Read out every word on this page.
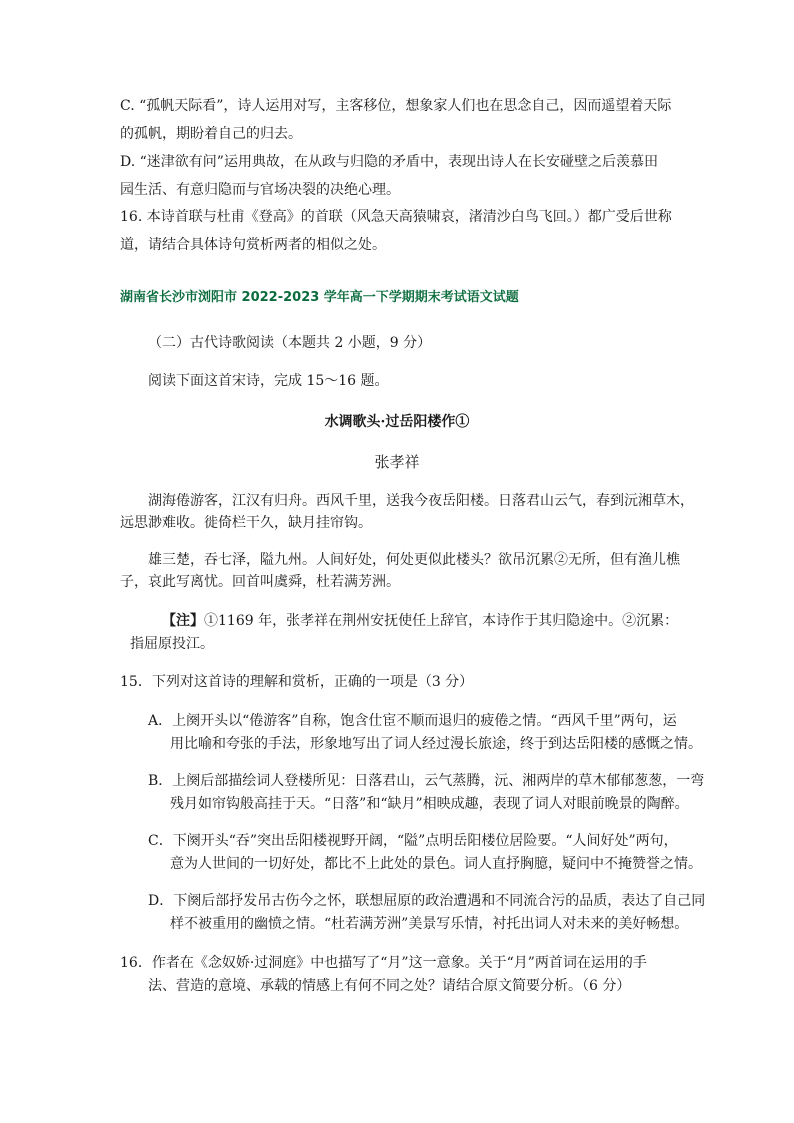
C. “孤帆天际看”，诗人运用对写，主客移位，想象家人们也在思念自己，因而遥望着天际
的孤帆，期盼着自己的归去。
D. “迷津欲有问”运用典故，在从政与归隐的矛盾中，表现出诗人在长安碰壁之后羡慕田
园生活、有意归隐而与官场决裂的决绝心理。
16. 本诗首联与杜甫《登高》的首联（风急天高猿啸哀，渚清沙白鸟飞回。）都广受后世称
道，请结合具体诗句赏析两者的相似之处。
湖南省长沙市浏阳市 2022-2023 学年高一下学期期末考试语文试题
（二）古代诗歌阅读（本题共 2 小题，9 分）
阅读下面这首宋诗，完成 15～16 题。
水调歌头·过岳阳楼作①
张孝祥
湖海倦游客，江汉有归舟。西风千里，送我今夜岳阳楼。日落君山云气，春到沅湘草木，
远思渺难收。徙倚栏干久，缺月挂帘钩。
雄三楚，吞七泽，隘九州。人间好处，何处更似此楼头？欲吊沉累②无所，但有渔儿樵
子，哀此写离忧。回首叫虞舜，杜若满芳洲。
【注】①1169 年，张孝祥在荆州安抚使任上辞官，本诗作于其归隐途中。②沉累：
指屈原投江。
15．下列对这首诗的理解和赏析，正确的一项是（3 分）
A．上阕开头以“倦游客”自称，饱含仕宦不顺而退归的疲倦之情。“西风千里”两句，运
用比喻和夸张的手法，形象地写出了词人经过漫长旅途，终于到达岳阳楼的感慨之情。
B．上阕后部描绘词人登楼所见：日落君山，云气蒸腾，沅、湘两岸的草木郁郁葱葱，一弯
残月如帘钩般高挂于天。“日落”和“缺月”相映成趣，表现了词人对眼前晚景的陶醉。
C．下阕开头“吞”突出岳阳楼视野开阔，“隘”点明岳阳楼位居险要。“人间好处”两句，
意为人世间的一切好处，都比不上此处的景色。词人直抒胸臆，疑问中不掩赞誉之情。
D．下阕后部抒发吊古伤今之怀，联想屈原的政治遭遇和不同流合污的品质，表达了自己同
样不被重用的幽愤之情。“杜若满芳洲”美景写乐情，衬托出词人对未来的美好畅想。
16．作者在《念奴娇·过洞庭》中也描写了“月”这一意象。关于“月”两首词在运用的手
法、营造的意境、承载的情感上有何不同之处？请结合原文简要分析。（6 分）
